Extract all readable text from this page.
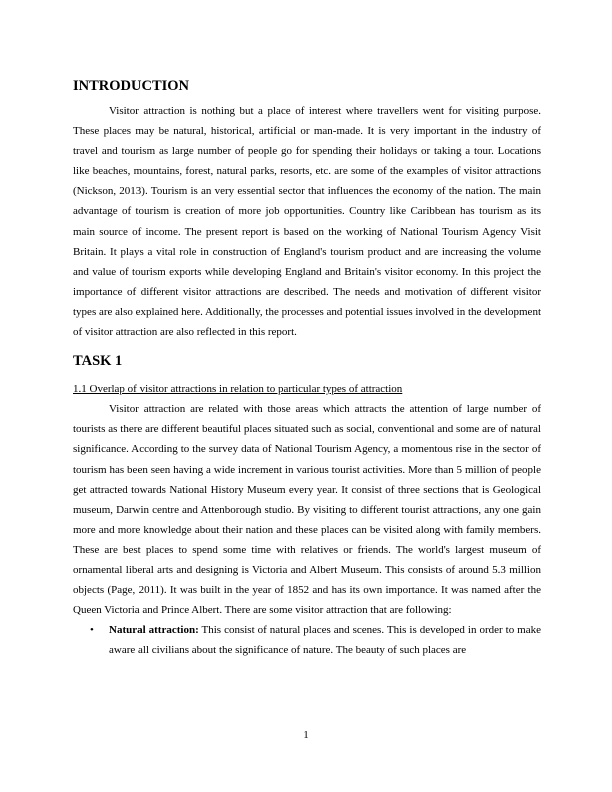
INTRODUCTION

Visitor attraction is nothing but a place of interest where travellers went for visiting purpose. These places may be natural, historical, artificial or man-made. It is very important in the industry of travel and tourism as large number of people go for spending their holidays or taking a tour. Locations like beaches, mountains, forest, natural parks, resorts, etc. are some of the examples of visitor attractions (Nickson, 2013). Tourism is an very essential sector that influences the economy of the nation. The main advantage of tourism is creation of more job opportunities. Country like Caribbean has tourism as its main source of income. The present report is based on the working of National Tourism Agency Visit Britain. It plays a vital role in construction of England's tourism product and are increasing the volume and value of tourism exports while developing England and Britain's visitor economy. In this project the importance of different visitor attractions are described. The needs and motivation of different visitor types are also explained here. Additionally, the processes and potential issues involved in the development of visitor attraction are also reflected in this report.

TASK 1

1.1 Overlap of visitor attractions in relation to particular types of attraction

Visitor attraction are related with those areas which attracts the attention of large number of tourists as there are different beautiful places situated such as social, conventional and some are of natural significance. According to the survey data of National Tourism Agency, a momentous rise in the sector of tourism has been seen having a wide increment in various tourist activities. More than 5 million of people get attracted towards National History Museum every year. It consist of three sections that is Geological museum, Darwin centre and Attenborough studio. By visiting to different tourist attractions, any one gain more and more knowledge about their nation and these places can be visited along with family members. These are best places to spend some time with relatives or friends. The world's largest museum of ornamental liberal arts and designing is Victoria and Albert Museum. This consists of around 5.3 million objects (Page, 2011). It was built in the year of 1852 and has its own importance. It was named after the Queen Victoria and Prince Albert. There are some visitor attraction that are following:

• Natural attraction: This consist of natural places and scenes. This is developed in order to make aware all civilians about the significance of nature. The beauty of such places are
1
